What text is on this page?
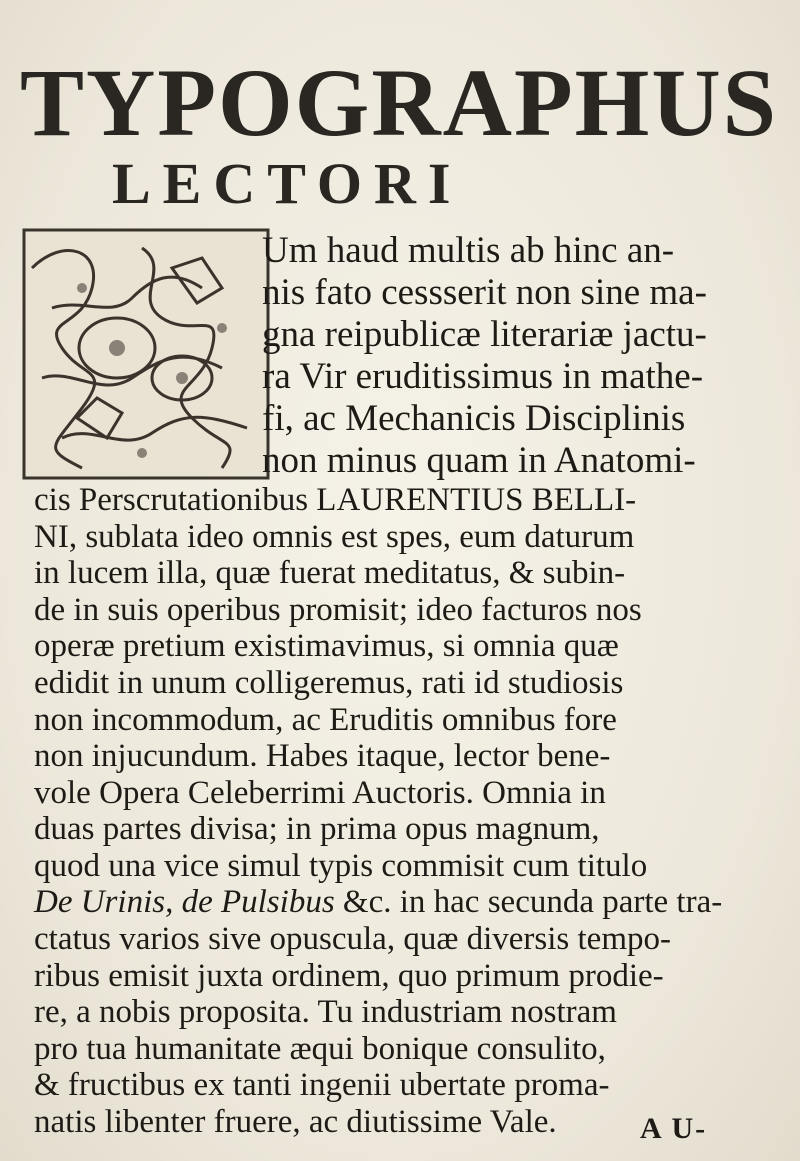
TYPOGRAPHUS
LECTORI
Um haud multis ab hinc an-
nis fato cessserit non sine ma-
gna reipublicæ literariæ jactu-
ra Vir eruditissimus in mathe-
fi, ac Mechanicis Disciplinis
non minus quam in Anatomi-
cis Perscrutationibus LAURENTIUS BELLI-
NI, sublata ideo omnis est spes, eum daturum
in lucem illa, quæ fuerat meditatus, & subin-
de in suis operibus promisit; ideo facturos nos
operæ pretium existimavimus, si omnia quæ
edidit in unum colligeremus, rati id studiosis
non incommodum, ac Eruditis omnibus fore
non injucundum. Habes itaque, lector bene-
vole Opera Celeberrimi Auctoris. Omnia in
duas partes divisa; in prima opus magnum,
quod una vice simul typis commisit cum titulo
De Urinis, de Pulsibus &c. in hac secunda parte tra-
ctatus varios sive opuscula, quæ diversis tempo-
ribus emisit juxta ordinem, quo primum prodie-
re, a nobis proposita. Tu industriam nostram
pro tua humanitate æqui bonique consulito,
& fructibus ex tanti ingenii ubertate proma-
natis libenter fruere, ac diutissime Vale.	A U-
